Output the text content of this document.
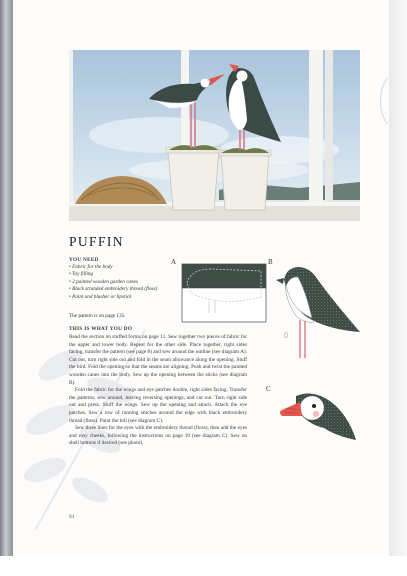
PUFFIN
YOU NEED
• Fabric for the body
• Toy filling
• 2 painted wooden garden canes
• Black stranded embroidery thread (floss)
• Paint and blusher or lipstick

The pattern is on page 135.

THIS IS WHAT YOU DO

Read the section on stuffed forms on page 11. Sew together two pieces of fabric for the upper and lower body. Repeat for the other side. Place together, right sides facing, transfer the pattern (see page 8) and sew around the outline (see diagram A). Cut out, turn right side out and fold in the seam allowance along the opening. Stuff the bird. Fold the opening so that the seams are aligning. Push and twist the painted wooden canes into the body. Sew up the opening between the sticks (see diagram B).

Fold the fabric for the wings and eye patches double, right sides facing. Transfer the patterns, sew around, leaving reversing openings, and cut out. Turn right side out and press. Stuff the wings. Sew up the opening and attach. Attach the eye patches. Sew a row of running stitches around the edge with black embroidery thread (floss). Paint the bill (see diagram C).

Sew three lines for the eyes with the embroidery thread (floss), then add the eyes and rosy cheeks, following the instructions on page 10 (see diagram C). Sew on shell buttons if desired (see photo).

94

A	B

C
